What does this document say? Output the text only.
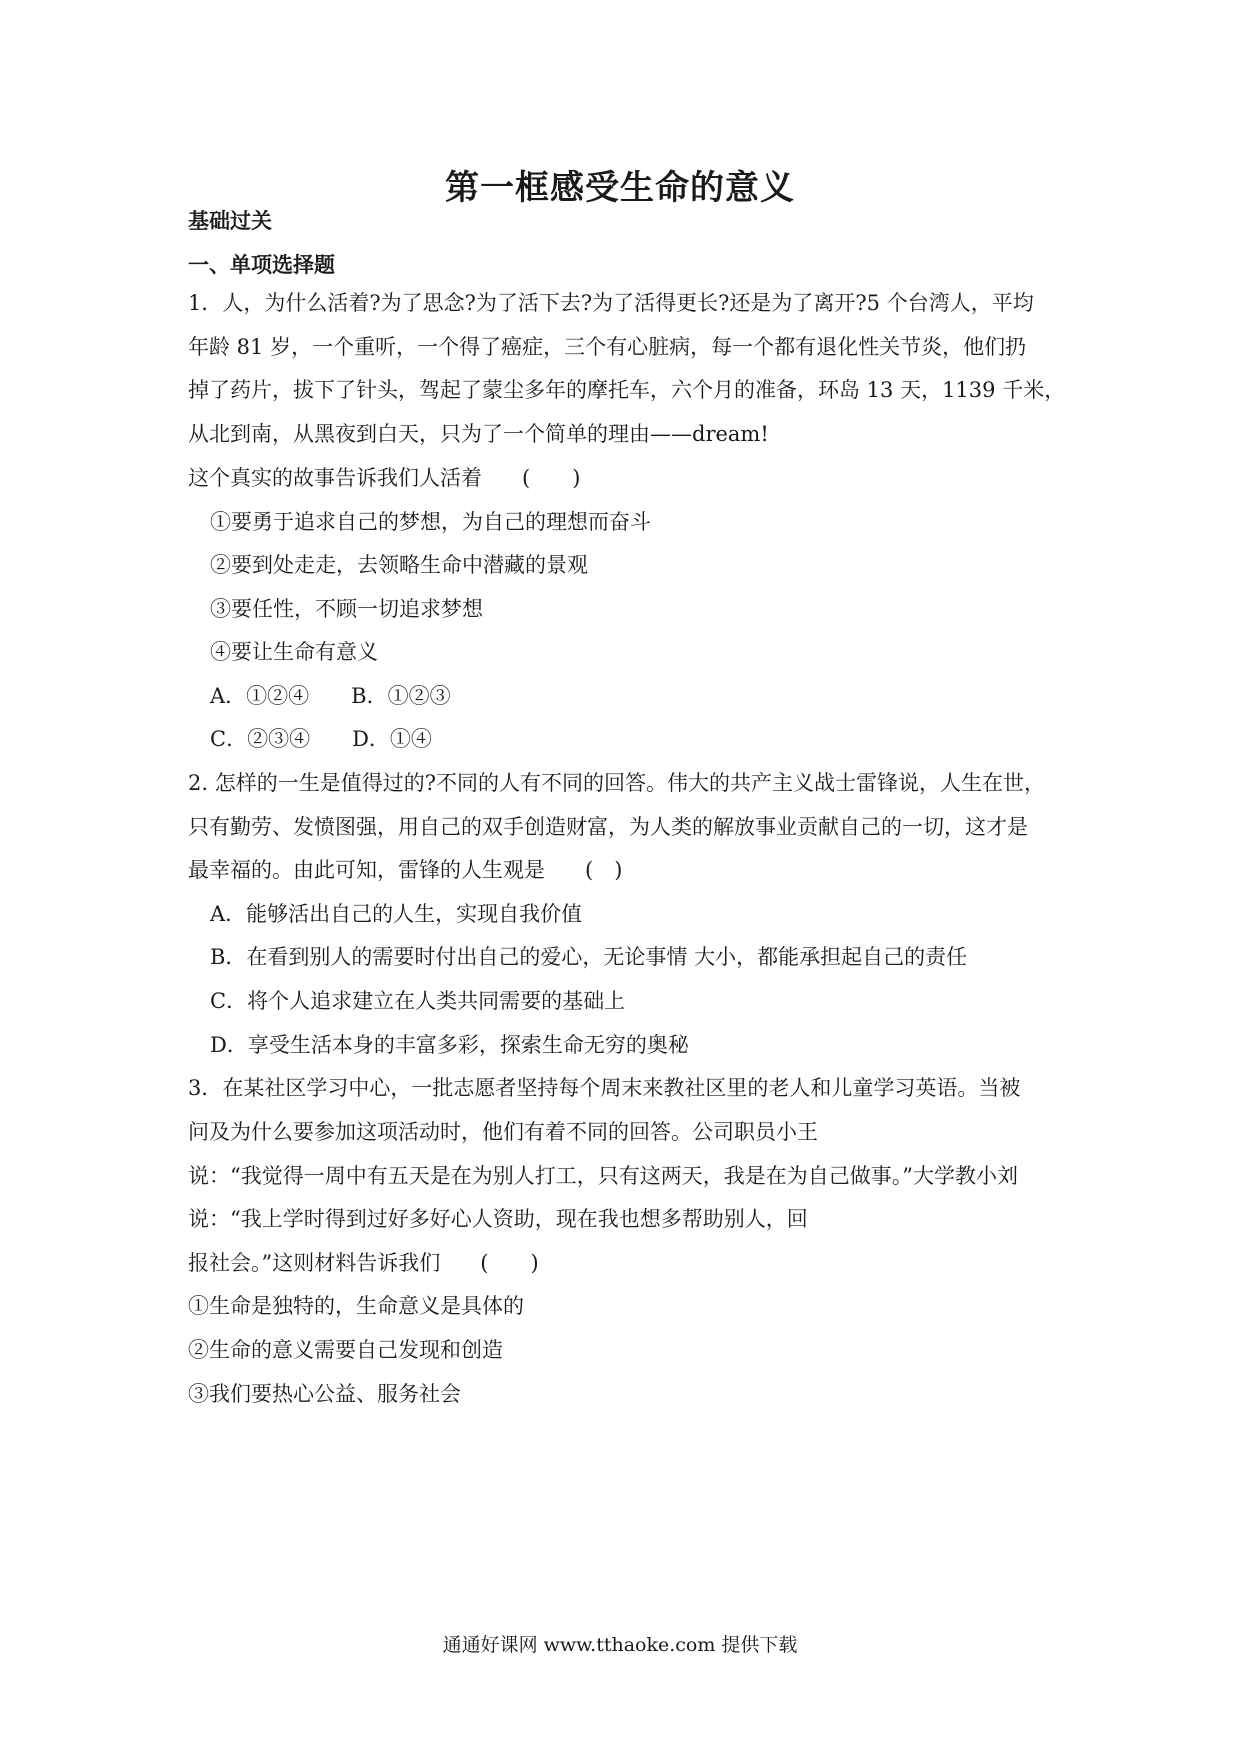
第一框感受生命的意义
基础过关
一、单项选择题
1．人，为什么活着?为了思念?为了活下去?为了活得更长?还是为了离开?5 个台湾人，平均
年龄 81 岁，一个重听，一个得了癌症，三个有心脏病，每一个都有退化性关节炎，他们扔
掉了药片，拔下了针头，驾起了蒙尘多年的摩托车，六个月的准备，环岛 13 天，1139 千米，
从北到南，从黑夜到白天，只为了一个简单的理由——dream!
这个真实的故事告诉我们人活着 (　　)
①要勇于追求自己的梦想，为自己的理想而奋斗
②要到处走走，去领略生命中潜藏的景观
③要任性，不顾一切追求梦想
④要让生命有意义
A．①②④　　B．①②③
C．②③④　　D．①④
2. 怎样的一生是值得过的?不同的人有不同的回答。伟大的共产主义战士雷锋说，人生在世，
只有勤劳、发愤图强，用自己的双手创造财富，为人类的解放事业贡献自己的一切，这才是
最幸福的。由此可知，雷锋的人生观是 (　)
A．能够活出自己的人生，实现自我价值
B．在看到别人的需要时付出自己的爱心，无论事情 大小，都能承担起自己的责任
C．将个人追求建立在人类共同需要的基础上
D．享受生活本身的丰富多彩，探索生命无穷的奥秘
3．在某社区学习中心，一批志愿者坚持每个周末来教社区里的老人和儿童学习英语。当被
问及为什么要参加这项活动时，他们有着不同的回答。公司职员小王
说：“我觉得一周中有五天是在为别人打工，只有这两天，我是在为自己做事。”大学教小刘
说：“我上学时得到过好多好心人资助，现在我也想多帮助别人，回
报社会。”这则材料告诉我们 (　　)
①生命是独特的，生命意义是具体的
②生命的意义需要自己发现和创造
③我们要热心公益、服务社会
通通好课网 www.tthaoke.com 提供下载
